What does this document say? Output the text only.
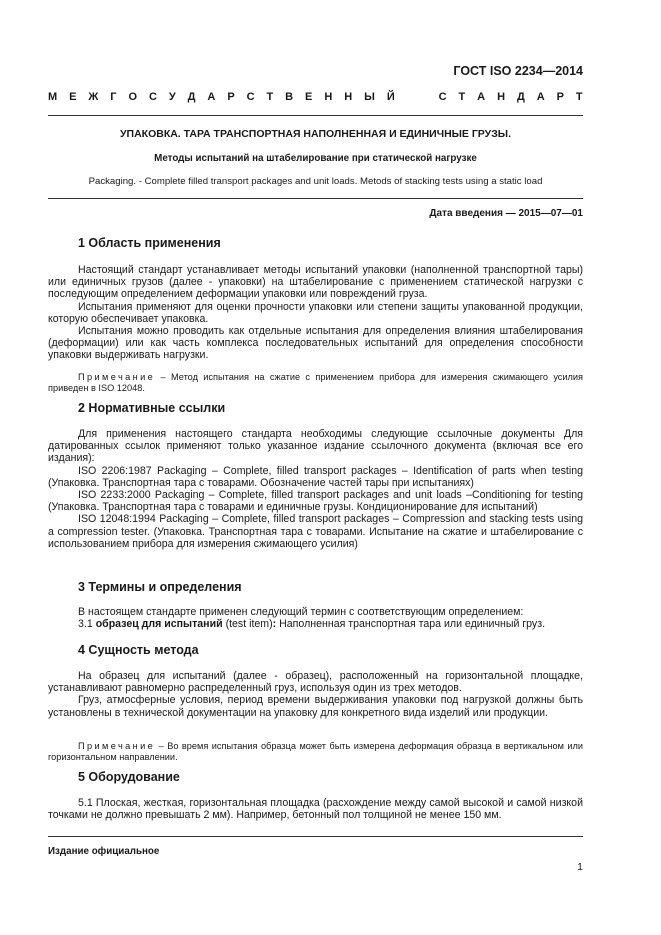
ГОСТ ISO 2234—2014
М Е Ж Г О С У Д А Р С Т В Е Н Н Ы Й	С Т А Н Д А Р Т
УПАКОВКА. ТАРА ТРАНСПОРТНАЯ НАПОЛНЕННАЯ И ЕДИНИЧНЫЕ ГРУЗЫ.
Методы испытаний на штабелирование при статической нагрузке
Packaging. - Complete filled transport packages and unit loads. Metods of stacking tests using a static load
Дата введения — 2015—07—01
1 Область применения

Настоящий стандарт устанавливает методы испытаний упаковки (наполненной транспортной тары) или единичных грузов (далее - упаковки) на штабелирование с применением статической нагрузки с последующим определением деформации упаковки или повреждений груза.

Испытания применяют для оценки прочности упаковки или степени защиты упакованной продукции, которую обеспечивает упаковка.

Испытания можно проводить как отдельные испытания для определения влияния штабелирования (деформации) или как часть комплекса последовательных испытаний для определения способности упаковки выдерживать нагрузки.

Примечание – Метод испытания на сжатие с применением прибора для измерения сжимающего усилия приведен в ISO 12048.

2 Нормативные ссылки

Для применения настоящего стандарта необходимы следующие ссылочные документы Для датированных ссылок применяют только указанное издание ссылочного документа (включая все его издания):

ISO 2206:1987 Packaging – Complete, filled transport packages – Identification of parts when testing (Упаковка. Транспортная тара с товарами. Обозначение частей тары при испытаниях)

ISO 2233:2000 Packaging – Complete, filled transport packages and unit loads –Conditioning for testing (Упаковка. Транспортная тара с товарами и единичные грузы. Кондиционирование для испытаний)

ISO 12048:1994 Packaging – Complete, filled transport packages – Compression and stacking tests using a compression tester. (Упаковка. Транспортная тара с товарами. Испытание на сжатие и штабелирование с использованием прибора для измерения сжимающего усилия)

3 Термины и определения

В настоящем стандарте применен следующий термин с соответствующим определением:

3.1 образец для испытаний (test item): Наполненная транспортная тара или единичный груз.

4 Сущность метода

На образец для испытаний (далее - образец), расположенный на горизонтальной площадке, устанавливают равномерно распределенный груз, используя один из трех методов.

Груз, атмосферные условия, период времени выдерживания упаковки под нагрузкой должны быть установлены в технической документации на упаковку для конкретного вида изделий или продукции.

Примечание – Во время испытания образца может быть измерена деформация образца в вертикальном или горизонтальном направлении.

5 Оборудование

5.1 Плоская, жесткая, горизонтальная площадка (расхождение между самой высокой и самой низкой точками не должно превышать 2 мм). Например, бетонный пол толщиной не менее 150 мм.

Издание официальное
1
